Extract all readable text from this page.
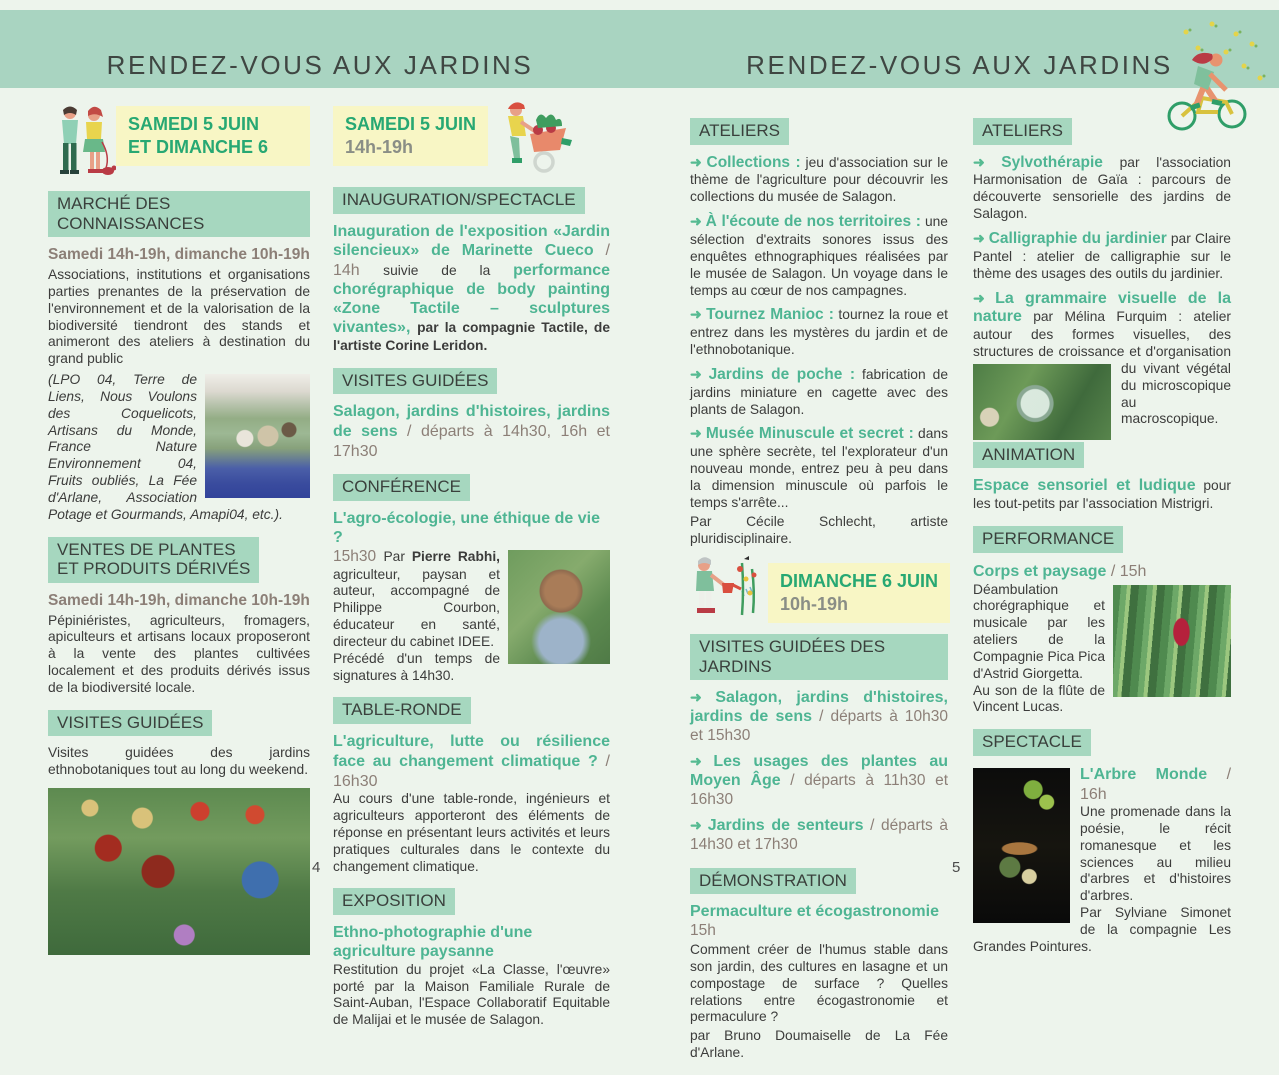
RENDEZ-VOUS AUX JARDINS	RENDEZ-VOUS AUX JARDINS
SAMEDI 5 JUIN
ET DIMANCHE 6
MARCHÉ DES CONNAISSANCES
Samedi 14h-19h, dimanche 10h-19h

Associations, institutions et organisations parties prenantes de la préservation de l'environnement et de la valorisation de la biodiversité tiendront des stands et animeront des ateliers à destination du grand public

(LPO 04, Terre de Liens, Nous Voulons des Coquelicots, Artisans du Monde, France Nature Environnement 04, Fruits oubliés, La Fée d'Arlane, Association Potage et Gourmands, Amapi04, etc.).

VENTES DE PLANTES
ET PRODUITS DÉRIVÉS
Samedi 14h-19h, dimanche 10h-19h

Pépiniéristes, agriculteurs, fromagers, apiculteurs et artisans locaux proposeront à la vente des plantes cultivées localement et des produits dérivés issus de la biodiversité locale.

VISITES GUIDÉES

Visites guidées des jardins ethnobotaniques tout au long du weekend.

SAMEDI 5 JUIN
14h-19h
INAUGURATION/SPECTACLE

Inauguration de l'exposition «Jardin silencieux» de Marinette Cueco / 14h suivie de la performance chorégraphique de body painting «Zone Tactile – sculptures vivantes», par la compagnie Tactile, de l'artiste Corine Leridon.

VISITES GUIDÉES

Salagon, jardins d'histoires, jardins de sens / départs à 14h30, 16h et 17h30

CONFÉRENCE
L'agro-écologie, une éthique de vie ?

15h30 Par Pierre Rabhi, agriculteur, paysan et auteur, accompagné de Philippe Courbon, éducateur en santé, directeur du cabinet IDEE.
Précédé d'un temps de signatures à 14h30.

TABLE-RONDE

L'agriculture, lutte ou résilience face au changement climatique ? / 16h30
Au cours d'une table-ronde, ingénieurs et agriculteurs apporteront des éléments de réponse en présentant leurs activités et leurs pratiques culturales dans le contexte du changement climatique.

EXPOSITION
Ethno-photographie d'une agriculture paysanne

Restitution du projet «La Classe, l'œuvre» porté par la Maison Familiale Rurale de Saint-Auban, l'Espace Collaboratif Equitable de Malijai et le musée de Salagon.

ATELIERS

➜ Collections : jeu d'association sur le thème de l'agriculture pour découvrir les collections du musée de Salagon.

➜ À l'écoute de nos territoires : une sélection d'extraits sonores issus des enquêtes ethnographiques réalisées par le musée de Salagon. Un voyage dans le temps au cœur de nos campagnes.

➜ Tournez Manioc : tournez la roue et entrez dans les mystères du jardin et de l'ethnobotanique.

➜ Jardins de poche : fabrication de jardins miniature en cagette avec des plants de Salagon.

➜ Musée Minuscule et secret : dans une sphère secrète, tel l'explorateur d'un nouveau monde, entrez peu à peu dans la dimension minuscule où parfois le temps s'arrête...

Par Cécile Schlecht, artiste pluridisciplinaire.

DIMANCHE 6 JUIN
10h-19h
VISITES GUIDÉES DES JARDINS

➜ Salagon, jardins d'histoires, jardins de sens / départs à 10h30 et 15h30

➜ Les usages des plantes au Moyen Âge / départs à 11h30 et 16h30

➜ Jardins de senteurs / départs à 14h30 et 17h30

DÉMONSTRATION
Permaculture et écogastronomie
15h

Comment créer de l'humus stable dans son jardin, des cultures en lasagne et un compostage de surface ? Quelles relations entre écogastronomie et permaculure ?

par Bruno Doumaiselle de La Fée d'Arlane.

ATELIERS

➜ Sylvothérapie par l'association Harmonisation de Gaïa : parcours de découverte sensorielle des jardins de Salagon.

➜ Calligraphie du jardinier par Claire Pantel : atelier de calligraphie sur le thème des usages des outils du jardinier.

➜ La grammaire visuelle de la nature par Mélina Furquim : atelier autour des formes visuelles, des structures de croissance et
d'organisation du vivant végétal du microscopique au macroscopique.

ANIMATION

Espace sensoriel et ludique pour les tout-petits par l'association Mistrigri.

PERFORMANCE

Corps et paysage / 15h

Déambulation chorégraphique et musicale par les ateliers de la Compagnie Pica Pica d'Astrid Giorgetta.
Au son de la flûte de Vincent Lucas.

SPECTACLE

L'Arbre Monde / 16h
Une promenade dans la poésie, le récit romanesque et les sciences au milieu d'arbres et d'histoires d'arbres.
Par Sylviane Simonet de la compagnie Les Grandes Pointures.

4	5
